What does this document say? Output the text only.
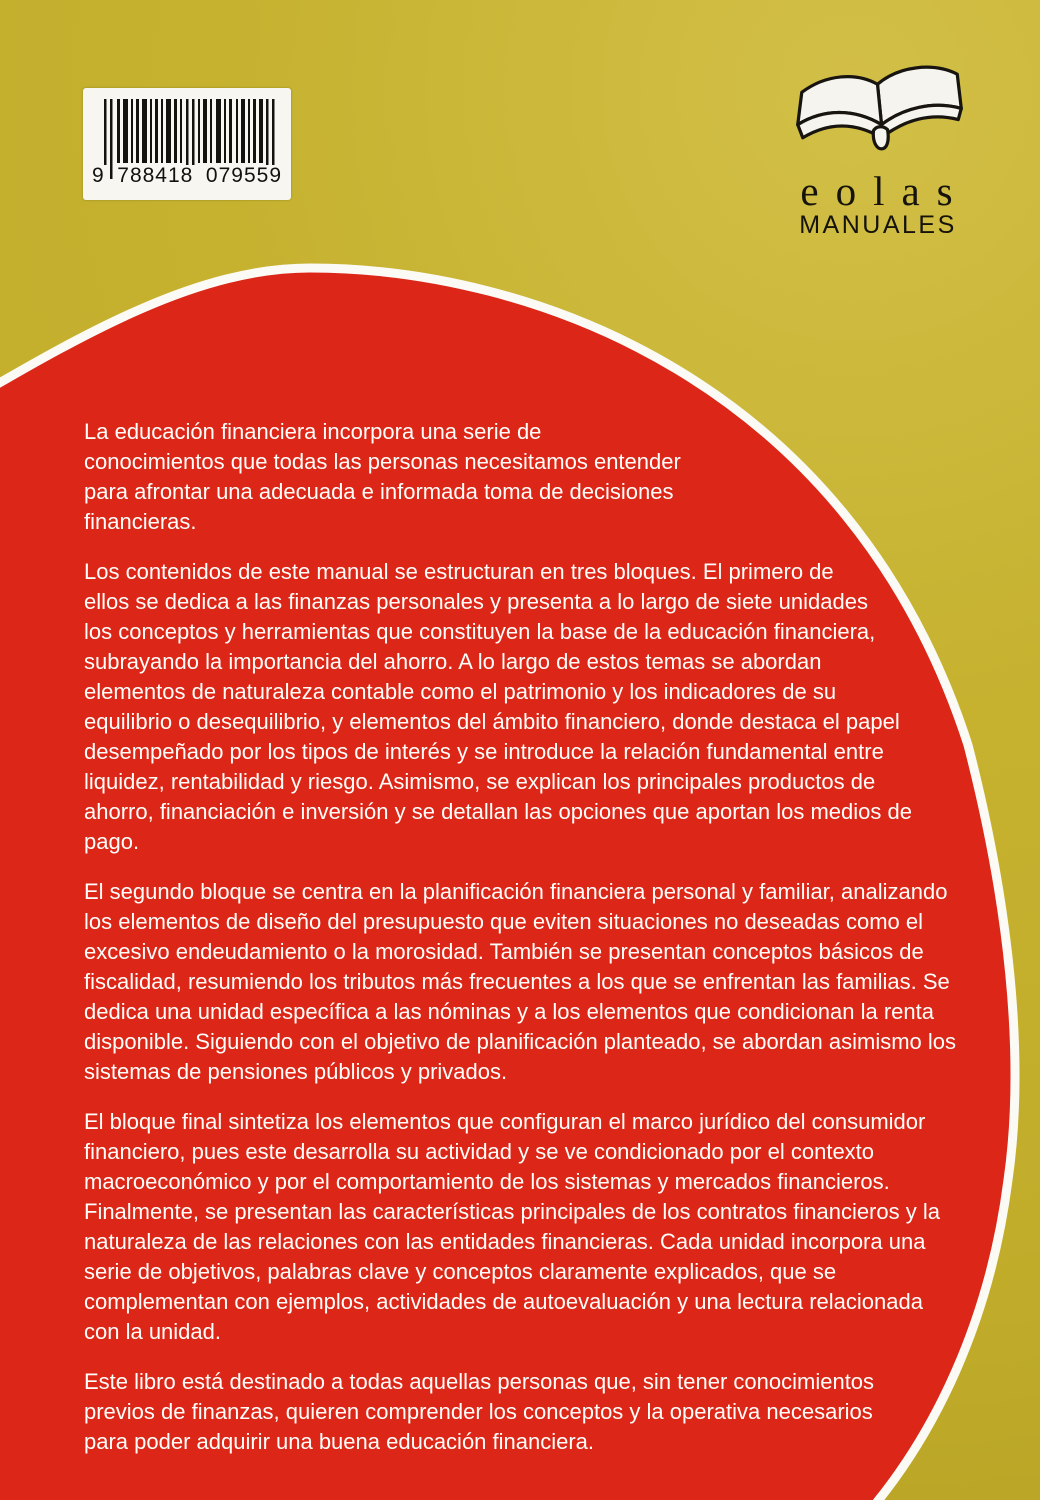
9 788418 079559	eolas
MANUALES

La educación financiera incorpora una serie de conocimientos que todas las personas necesitamos entender para afrontar una adecuada e informada toma de decisiones financieras.

Los contenidos de este manual se estructuran en tres bloques. El primero de ellos se dedica a las finanzas personales y presenta a lo largo de siete unidades los conceptos y herramientas que constituyen la base de la educación financiera, subrayando la importancia del ahorro. A lo largo de estos temas se abordan elementos de naturaleza contable como el patrimonio y los indicadores de su equilibrio o desequilibrio, y elementos del ámbito financiero, donde destaca el papel desempeñado por los tipos de interés y se introduce la relación fundamental entre liquidez, rentabilidad y riesgo. Asimismo, se explican los principales productos de ahorro, financiación e inversión y se detallan las opciones que aportan los medios de pago.

El segundo bloque se centra en la planificación financiera personal y familiar, analizando los elementos de diseño del presupuesto que eviten situaciones no deseadas como el excesivo endeudamiento o la morosidad. También se presentan conceptos básicos de fiscalidad, resumiendo los tributos más frecuentes a los que se enfrentan las familias. Se dedica una unidad específica a las nóminas y a los elementos que condicionan la renta disponible. Siguiendo con el objetivo de planificación planteado, se abordan asimismo los sistemas de pensiones públicos y privados.

El bloque final sintetiza los elementos que configuran el marco jurídico del consumidor financiero, pues este desarrolla su actividad y se ve condicionado por el contexto macroeconómico y por el comportamiento de los sistemas y mercados financieros. Finalmente, se presentan las características principales de los contratos financieros y la naturaleza de las relaciones con las entidades financieras. Cada unidad incorpora una serie de objetivos, palabras clave y conceptos claramente explicados, que se complementan con ejemplos, actividades de autoevaluación y una lectura relacionada con la unidad.

Este libro está destinado a todas aquellas personas que, sin tener conocimientos previos de finanzas, quieren comprender los conceptos y la operativa necesarios para poder adquirir una buena educación financiera.
